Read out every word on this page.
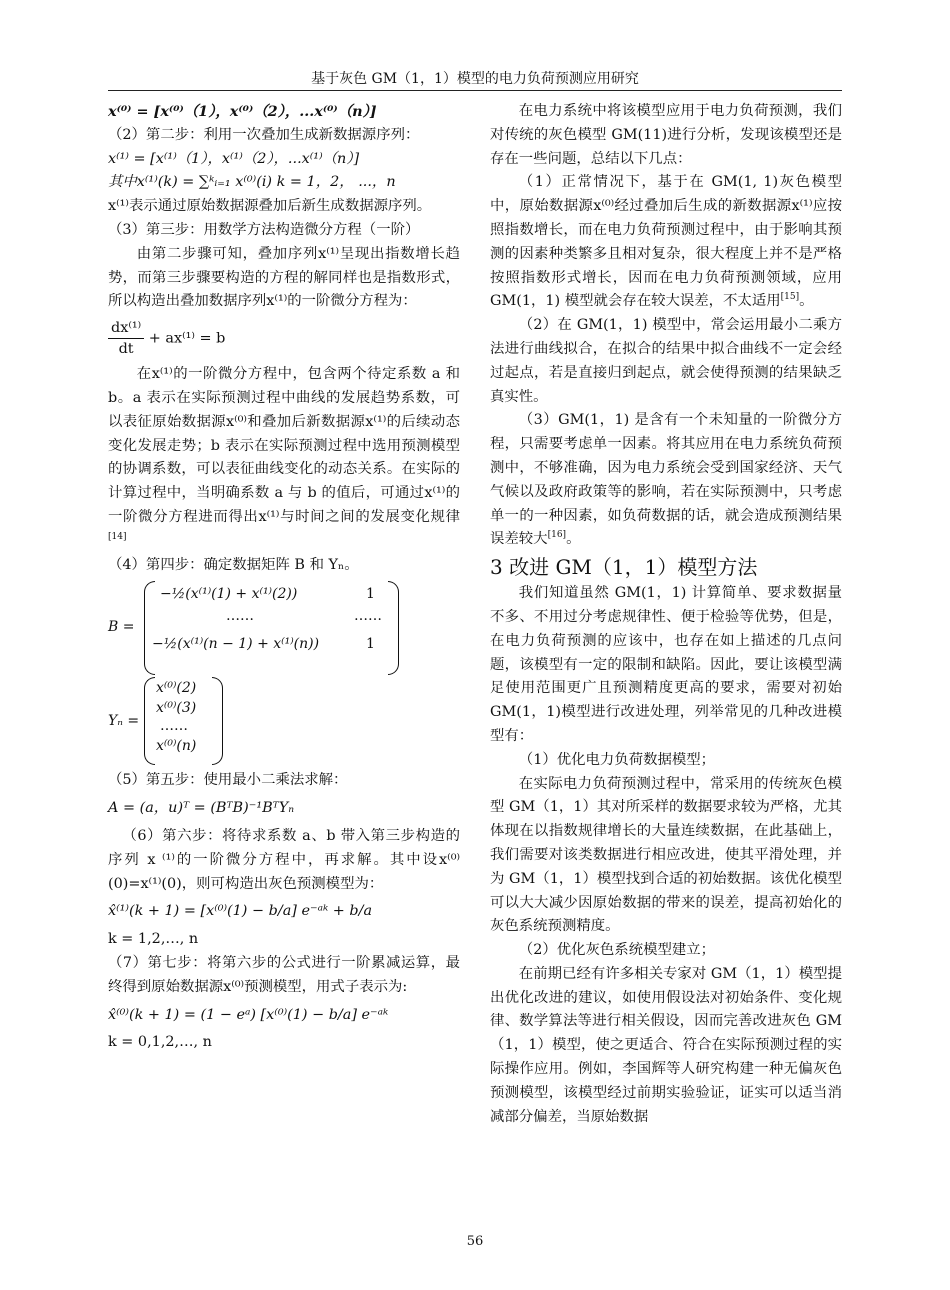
基于灰色 GM（1，1）模型的电力负荷预测应用研究

x⁽⁰⁾ = [x⁽⁰⁾（1），x⁽⁰⁾（2），...x⁽⁰⁾（n）]

（2）第二步：利用一次叠加生成新数据源序列：

x⁽¹⁾ = [x⁽¹⁾（1），x⁽¹⁾（2），...x⁽¹⁾（n）]

其中x⁽¹⁾(k) = ∑ᵏᵢ₌₁ x⁽⁰⁾(i) k = 1，2， ...，n

x⁽¹⁾表示通过原始数据源叠加后新生成数据源序列。

（3）第三步：用数学方法构造微分方程（一阶）

由第二步骤可知，叠加序列x⁽¹⁾呈现出指数增长趋势，而第三步骤要构造的方程的解同样也是指数形式，所以构造出叠加数据序列x⁽¹⁾的一阶微分方程为：

$\frac{\text{dx⁽¹⁾}}{dt} + ax^{(1)} = b$

在x⁽¹⁾的一阶微分方程中，包含两个待定系数 a 和 b。a 表示在实际预测过程中曲线的发展趋势系数，可以表征原始数据源x⁽⁰⁾和叠加后新数据源x⁽¹⁾的后续动态变化发展走势；b 表示在实际预测过程中选用预测模型的协调系数，可以表征曲线变化的动态关系。在实际的计算过程中，当明确系数 a 与 b 的值后，可通过x⁽¹⁾的一阶微分方程进而得出x⁽¹⁾与时间之间的发展变化规律[14]

（4）第四步：确定数据矩阵 B 和 Yₙ。

B =
−½(x⁽¹⁾(1) + x⁽¹⁾(2))	1
……	……
−½(x⁽¹⁾(n − 1) + x⁽¹⁾(n))	1
Yₙ =
x⁽⁰⁾(2)
x⁽⁰⁾(3)
……
x⁽⁰⁾(n)

（5）第五步：使用最小二乘法求解：

A = (a，u)ᵀ = (BᵀB)⁻¹BᵀYₙ

（6）第六步：将待求系数 a、b 带入第三步构造的序列 x ⁽¹⁾的一阶微分方程中，再求解。其中设x⁽⁰⁾(0)=x⁽¹⁾(0)，则可构造出灰色预测模型为：

x̂⁽¹⁾(k + 1) = [x⁽⁰⁾(1) − b/a] e⁻ᵃᵏ + b/a

k = 1,2,…, n

（7）第七步：将第六步的公式进行一阶累减运算，最终得到原始数据源x⁽⁰⁾预测模型，用式子表示为:

x̂⁽⁰⁾(k + 1) = (1 − eᵃ) [x⁽⁰⁾(1) − b/a] e⁻ᵃᵏ

k = 0,1,2,…, n

在电力系统中将该模型应用于电力负荷预测，我们对传统的灰色模型 GM(11)进行分析，发现该模型还是存在一些问题，总结以下几点：

（1）正常情况下，基于在 GM(1, 1)灰色模型中，原始数据源x⁽⁰⁾经过叠加后生成的新数据源x⁽¹⁾应按照指数增长，而在电力负荷预测过程中，由于影响其预测的因素种类繁多且相对复杂，很大程度上并不是严格按照指数形式增长，因而在电力负荷预测领域，应用 GM(1，1) 模型就会存在较大误差，不太适用[15]。

（2）在 GM(1，1) 模型中，常会运用最小二乘方法进行曲线拟合，在拟合的结果中拟合曲线不一定会经过起点，若是直接归到起点，就会使得预测的结果缺乏真实性。

（3）GM(1，1) 是含有一个未知量的一阶微分方程，只需要考虑单一因素。将其应用在电力系统负荷预测中，不够准确，因为电力系统会受到国家经济、天气气候以及政府政策等的影响，若在实际预测中，只考虑单一的一种因素，如负荷数据的话，就会造成预测结果误差较大[16]。

3 改进 GM（1，1）模型方法

我们知道虽然 GM(1，1) 计算简单、要求数据量不多、不用过分考虑规律性、便于检验等优势，但是，在电力负荷预测的应该中，也存在如上描述的几点问题，该模型有一定的限制和缺陷。因此，要让该模型满足使用范围更广且预测精度更高的要求，需要对初始 GM(1，1)模型进行改进处理，列举常见的几种改进模型有：

（1）优化电力负荷数据模型；

在实际电力负荷预测过程中，常采用的传统灰色模型 GM（1，1）其对所采样的数据要求较为严格，尤其体现在以指数规律增长的大量连续数据，在此基础上，我们需要对该类数据进行相应改进，使其平滑处理，并为 GM（1，1）模型找到合适的初始数据。该优化模型可以大大减少因原始数据的带来的误差，提高初始化的灰色系统预测精度。

（2）优化灰色系统模型建立；

在前期已经有许多相关专家对 GM（1，1）模型提出优化改进的建议，如使用假设法对初始条件、变化规律、数学算法等进行相关假设，因而完善改进灰色 GM（1，1）模型，使之更适合、符合在实际预测过程的实际操作应用。例如，李国辉等人研究构建一种无偏灰色预测模型，该模型经过前期实验验证，证实可以适当消减部分偏差，当原始数据

56
